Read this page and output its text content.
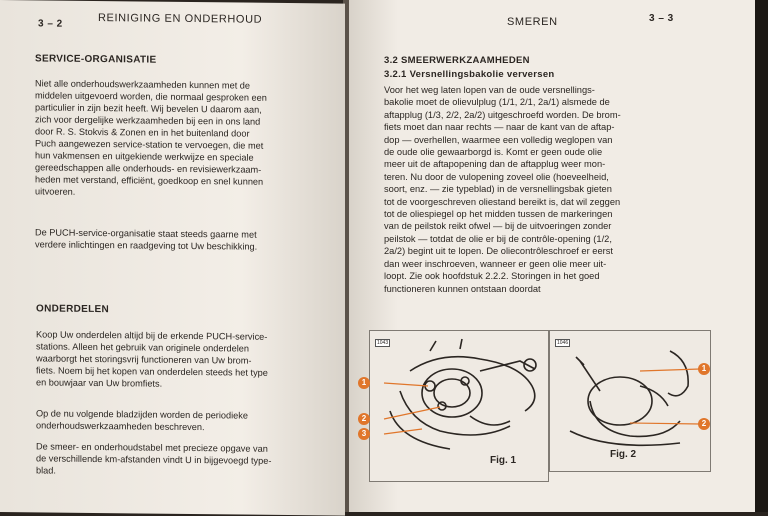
3 – 2	REINIGING EN ONDERHOUD
SERVICE-ORGANISATIE
Niet alle onderhoudswerkzaamheden kunnen met de
middelen uitgevoerd worden, die normaal gesproken een
particulier in zijn bezit heeft. Wij bevelen U daarom aan,
zich voor dergelijke werkzaamheden bij een in ons land
door R. S. Stokvis & Zonen en in het buitenland door
Puch aangewezen service-station te vervoegen, die met
hun vakmensen en uitgekiende werkwijze en speciale
gereedschappen alle onderhouds- en revisiewerkzaam-
heden met verstand, efficiënt, goedkoop en snel kunnen
uitvoeren.
De PUCH-service-organisatie staat steeds gaarne met
verdere inlichtingen en raadgeving tot Uw beschikking.
ONDERDELEN
Koop Uw onderdelen altijd bij de erkende PUCH-service-
stations. Alleen het gebruik van originele onderdelen
waarborgt het storingsvrij functioneren van Uw brom-
fiets. Noem bij het kopen van onderdelen steeds het type
en bouwjaar van Uw bromfiets.
Op de nu volgende bladzijden worden de periodieke
onderhoudswerkzaamheden beschreven.
De smeer- en onderhoudstabel met precieze opgave van
de verschillende km-afstanden vindt U in bijgevoegd type-
blad.
SMEREN	3 – 3
3.2 SMEERWERKZAAMHEDEN
3.2.1 Versnellingsbakolie verversen
Voor het weg laten lopen van de oude versnellings-
bakolie moet de olievulplug (1/1, 2/1, 2a/1) alsmede de
aftapplug (1/3, 2/2, 2a/2) uitgeschroefd worden. De brom-
fiets moet dan naar rechts — naar de kant van de aftap-
dop — overhellen, waarmee een volledig weglopen van
de oude olie gewaarborgd is. Komt er geen oude olie
meer uit de aftapopening dan de aftapplug weer mon-
teren. Nu door de vulopening zoveel olie (hoeveelheid,
soort, enz. — zie typeblad) in de versnellingsbak gieten
tot de voorgeschreven oliestand bereikt is, dat wil zeggen
tot de oliespiegel op het midden tussen de markeringen
van de peilstok reikt ofwel — bij de uitvoeringen zonder
peilstok — totdat de olie er bij de contrôle-opening (1/2,
2a/2) begint uit te lopen. De oliecontrôleschroef er eerst
dan weer inschroeven, wanneer er geen olie meer uit-
loopt. Zie ook hoofdstuk 2.2.2. Storingen in het goed
functioneren kunnen ontstaan doordat
1043
1
2
3
Fig. 1
1046
1
2
Fig. 2
